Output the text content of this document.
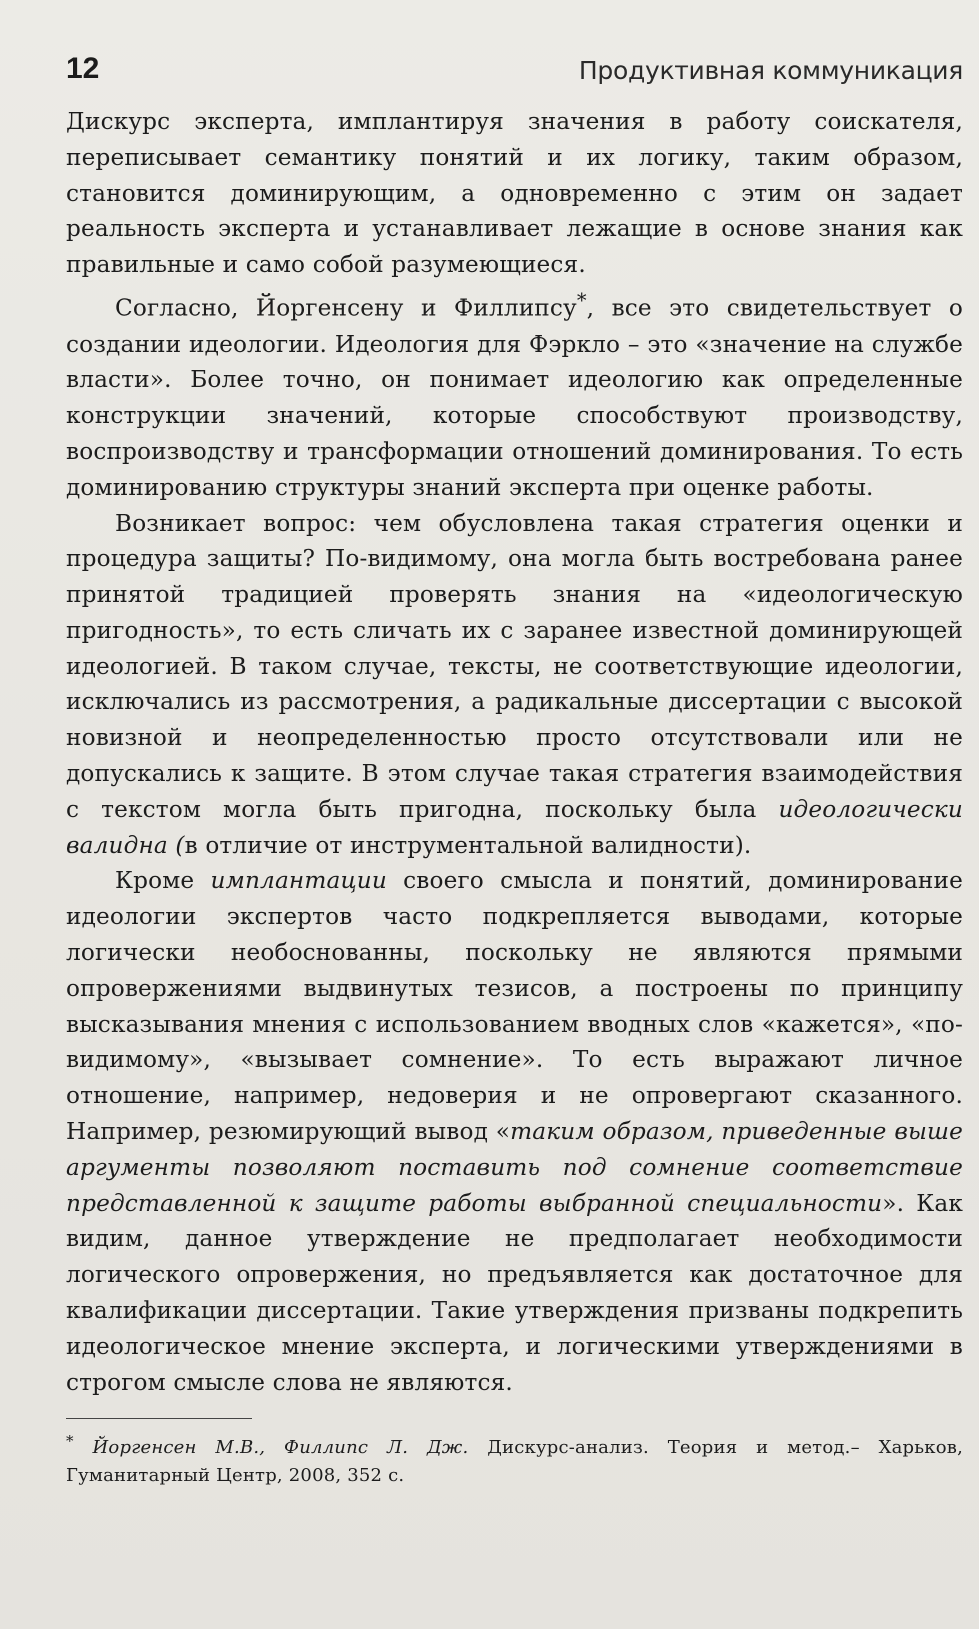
12	Продуктивная коммуникация

Дискурс эксперта, имплантируя значения в работу соискателя, переписывает семантику понятий и их логику, таким образом, становится доминирующим, а одновременно с этим он задает реальность эксперта и устанавливает лежащие в основе знания как правильные и само собой разумеющиеся.

Согласно, Йоргенсену и Филлипсу*, все это свидетельствует о создании идеологии. Идеология для Фэркло – это «значение на службе власти». Более точно, он понимает идеологию как определенные конструкции значений, которые способствуют производству, воспроизводству и трансформации отношений доминирования. То есть доминированию структуры знаний эксперта при оценке работы.

Возникает вопрос: чем обусловлена такая стратегия оценки и процедура защиты? По-видимому, она могла быть востребована ранее принятой традицией проверять знания на «идеологическую пригодность», то есть сличать их с заранее известной доминирующей идеологией. В таком случае, тексты, не соответствующие идеологии, исключались из рассмотрения, а радикальные диссертации с высокой новизной и неопределенностью просто отсутствовали или не допускались к защите. В этом случае такая стратегия взаимодействия с текстом могла быть пригодна, поскольку была идеологически валидна (в отличие от инструментальной валидности).

Кроме имплантации своего смысла и понятий, доминирование идеологии экспертов часто подкрепляется выводами, которые логически необоснованны, поскольку не являются прямыми опровержениями выдвинутых тезисов, а построены по принципу высказывания мнения с использованием вводных слов «кажется», «по-видимому», «вызывает сомнение». То есть выражают личное отношение, например, недоверия и не опровергают сказанного. Например, резюмирующий вывод «таким образом, приведенные выше аргументы позволяют поставить под сомнение соответствие представленной к защите работы выбранной специальности». Как видим, данное утверждение не предполагает необходимости логического опровержения, но предъявляется как достаточное для квалификации диссертации. Такие утверждения призваны подкрепить идеологическое мнение эксперта, и логическими утверждениями в строгом смысле слова не являются.

* Йоргенсен М.В., Филлипс Л. Дж. Дискурс-анализ. Теория и метод.– Харьков, Гуманитарный Центр, 2008, 352 с.
